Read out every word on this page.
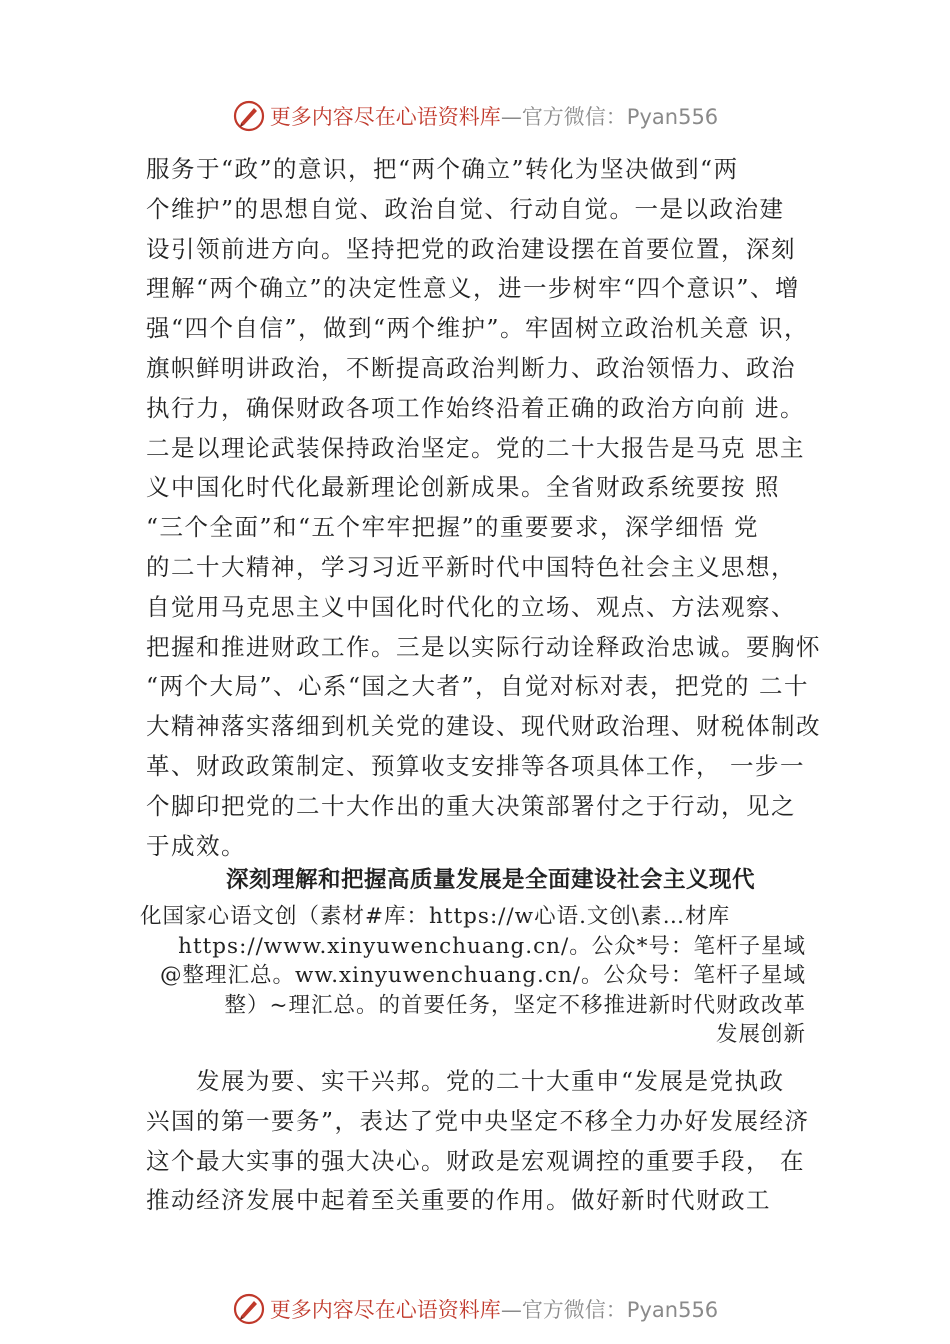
更多内容尽在心语资料库—官方微信：Pyan556
服务于“政”的意识，把“两个确立”转化为坚决做到“两
个维护”的思想自觉、政治自觉、行动自觉。一是以政治建
设引领前进方向。坚持把党的政治建设摆在首要位置，深刻
理解“两个确立”的决定性意义，进一步树牢“四个意识”、增
强“四个自信”，做到“两个维护”。牢固树立政治机关意 识，
旗帜鲜明讲政治，不断提高政治判断力、政治领悟力、政治
执行力，确保财政各项工作始终沿着正确的政治方向前 进。
二是以理论武装保持政治坚定。党的二十大报告是马克 思主
义中国化时代化最新理论创新成果。全省财政系统要按 照
“三个全面”和“五个牢牢把握”的重要要求，深学细悟 党
的二十大精神，学习习近平新时代中国特色社会主义思想，
自觉用马克思主义中国化时代化的立场、观点、方法观察、
把握和推进财政工作。三是以实际行动诠释政治忠诚。要胸怀
“两个大局”、心系“国之大者”，自觉对标对表，把党的 二十
大精神落实落细到机关党的建设、现代财政治理、财税体制改
革、财政政策制定、预算收支安排等各项具体工作， 一步一
个脚印把党的二十大作出的重大决策部署付之于行动，见之
于成效。
深刻理解和把握高质量发展是全面建设社会主义现代
化国家心语文创（素材#库：https://w心语.文创\素…材库
https://www.xinyuwenchuang.cn/。公众*号：笔杆子星域
@整理汇总。ww.xinyuwenchuang.cn/。公众号：笔杆子星域
整）~理汇总。的首要任务，坚定不移推进新时代财政改革
发展创新
发展为要、实干兴邦。党的二十大重申“发展是党执政
兴国的第一要务”，表达了党中央坚定不移全力办好发展经济
这个最大实事的强大决心。财政是宏观调控的重要手段， 在
推动经济发展中起着至关重要的作用。做好新时代财政工
更多内容尽在心语资料库—官方微信：Pyan556
